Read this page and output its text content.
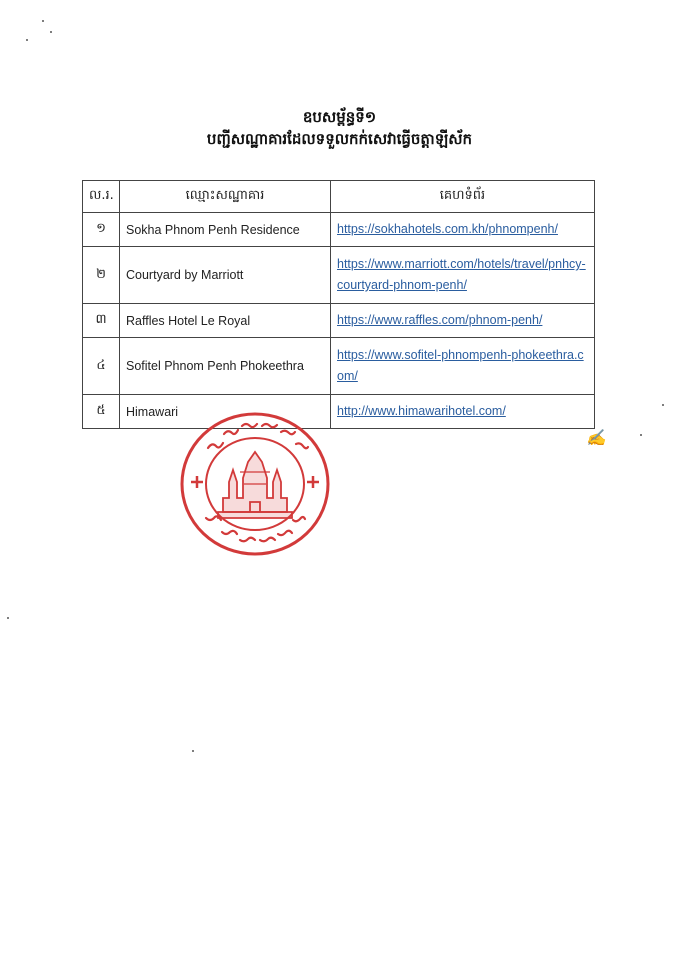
ឧបសម្ព័ន្ធទី១
បញ្ជីសណ្ឋាគារដែលទទួលកក់សេវាធ្វើចត្តាឡីស័ក
ល.រ.	ឈ្មោះសណ្ឋាគារ	គេហទំព័រ
១	Sokha Phnom Penh Residence	https://sokhahotels.com.kh/phnompenh/
២	Courtyard by Marriott	https://www.marriott.com/hotels/travel/pnhcy-courtyard-phnom-penh/
៣	Raffles Hotel Le Royal	https://www.raffles.com/phnom-penh/
៤	Sofitel Phnom Penh Phokeethra	https://www.sofitel-phnompenh-phokeethra.com/
៥	Himawari	http://www.himawarihotel.com/
✍
